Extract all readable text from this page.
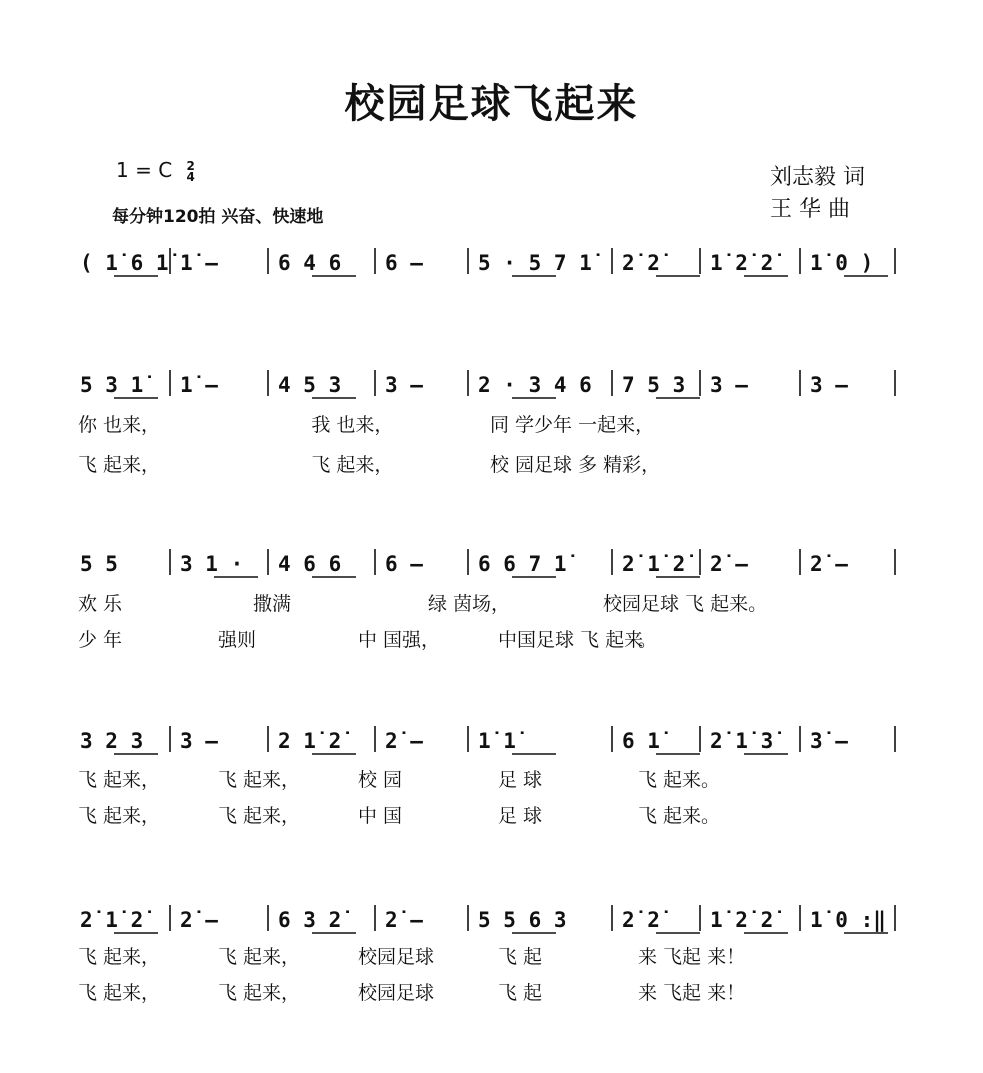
校园足球飞起来
1 = C 2
4
每分钟120拍 兴奋、快速地
刘志毅 词
王 华 曲
( 1̇ 6 1̇ 1̇ —	6 4 6 6 —	5 · 5 7 1̇	2̇ 2̇	1̇ 2̇ 2̇	1̇ 0 )
5 3 1̇	1̇ —	4 5 3 3 —	2 · 3 4 6 7 5 3 3 —	3 —
5 5	3 1 · 4 6 6 6 —	6 6 7 1̇	2̇ 1̇ 2̇	2̇ —	2̇ —
3 2 3 3 —	2 1̇ 2̇	2̇ —	1̇ 1̇	6 1̇	2̇ 1̇ 3̇	3̇ —
2̇ 1̇ 2̇	2̇ —	6 3 2̇	2̇ —	5 5 6 3	2̇ 2̇	1̇ 2̇ 2̇	1̇ 0 :‖
你 也来，	我 也来，	同 学少年 一起来，
飞 起来，	飞 起来，	校 园足球 多 精彩，
欢 乐	撒满	绿 茵场，	校园足球 飞 起来。
少 年	强则	中 国强，	中国足球 飞 起来
。
飞 起来，	飞 起来，	校 园	足 球	飞 起来。
飞 起来，	飞 起来，	中 国	足 球	飞 起来。
飞 起来，	飞 起来，	校园足球	飞 起	来 飞起 来！
飞 起来，	飞 起来，	校园足球	飞 起	来 飞起 来！
